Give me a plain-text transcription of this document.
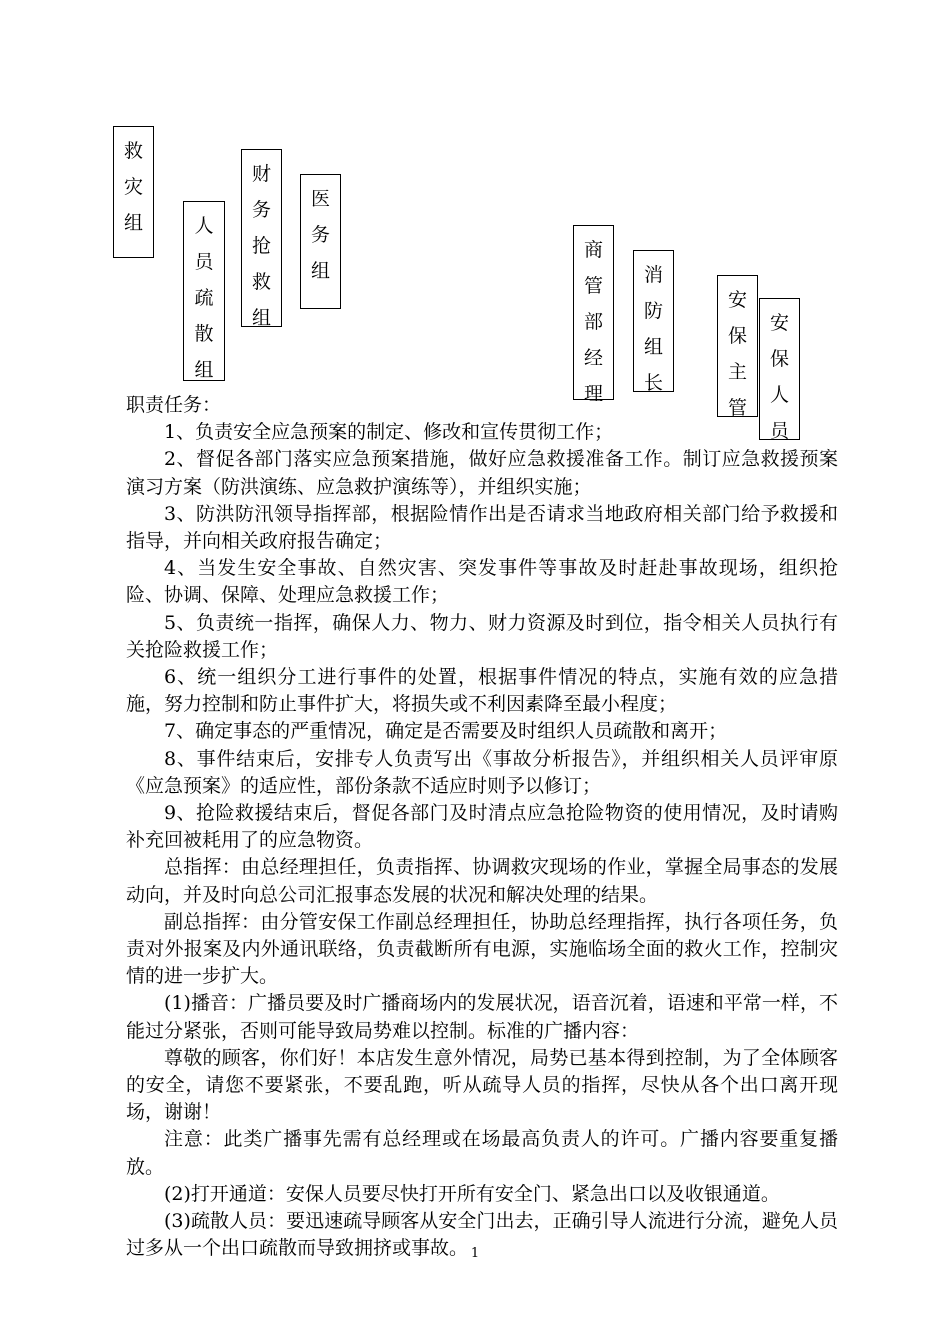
救
灾
组	人
员
疏
散
组
财
务
抢
救
组
医
务
组
商
管
部
经
理
消
防
组
长
安
保
主
管
安
保
人
员

职责任务：

1、负责安全应急预案的制定、修改和宣传贯彻工作；

2、督促各部门落实应急预案措施，做好应急救援准备工作。制订应急救援预案演习方案（防洪演练、应急救护演练等），并组织实施；

3、防洪防汛领导指挥部，根据险情作出是否请求当地政府相关部门给予救援和指导，并向相关政府报告确定；

4、当发生安全事故、自然灾害、突发事件等事故及时赶赴事故现场，组织抢险、协调、保障、处理应急救援工作；

5、负责统一指挥，确保人力、物力、财力资源及时到位，指令相关人员执行有关抢险救援工作；

6、统一组织分工进行事件的处置，根据事件情况的特点，实施有效的应急措施，努力控制和防止事件扩大，将损失或不利因素降至最小程度；

7、确定事态的严重情况，确定是否需要及时组织人员疏散和离开；

8、事件结束后，安排专人负责写出《事故分析报告》，并组织相关人员评审原《应急预案》的适应性，部份条款不适应时则予以修订；

9、抢险救援结束后，督促各部门及时清点应急抢险物资的使用情况，及时请购补充回被耗用了的应急物资。

总指挥：由总经理担任，负责指挥、协调救灾现场的作业，掌握全局事态的发展动向，并及时向总公司汇报事态发展的状况和解决处理的结果。

副总指挥：由分管安保工作副总经理担任，协助总经理指挥，执行各项任务，负责对外报案及内外通讯联络，负责截断所有电源，实施临场全面的救火工作，控制灾情的进一步扩大。

(1)播音：广播员要及时广播商场内的发展状况，语音沉着，语速和平常一样，不能过分紧张，否则可能导致局势难以控制。标准的广播内容：

尊敬的顾客，你们好！本店发生意外情况，局势已基本得到控制，为了全体顾客的安全，请您不要紧张，不要乱跑，听从疏导人员的指挥，尽快从各个出口离开现场，谢谢！

注意：此类广播事先需有总经理或在场最高负责人的许可。广播内容要重复播放。

(2)打开通道：安保人员要尽快打开所有安全门、紧急出口以及收银通道。

(3)疏散人员：要迅速疏导顾客从安全门出去，正确引导人流进行分流，避免人员过多从一个出口疏散而导致拥挤或事故。 1
